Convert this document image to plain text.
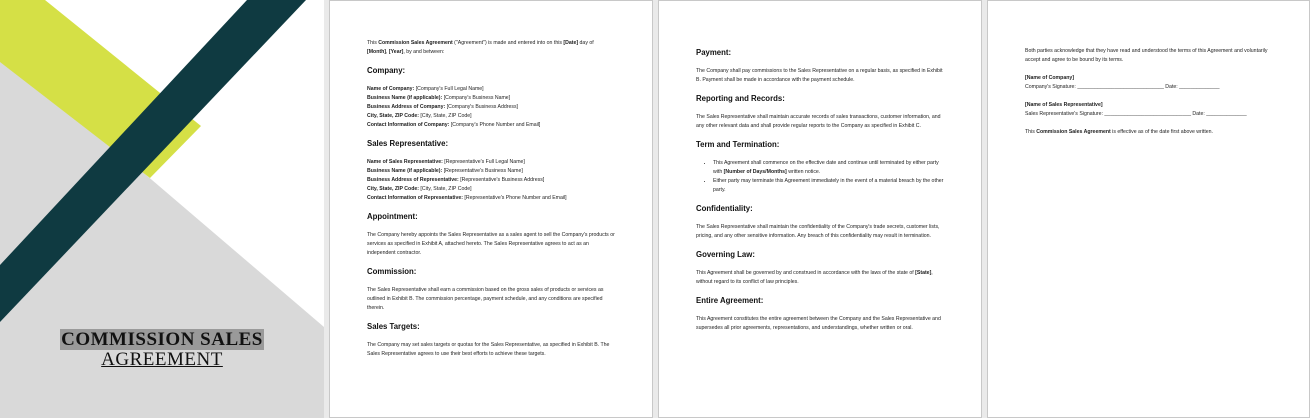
COMMISSION SALES
AGREEMENT

This Commission Sales Agreement ("Agreement") is made and entered into on this [Date] day of [Month], [Year], by and between:

Company:

Name of Company: [Company's Full Legal Name]

Business Name (if applicable): [Company's Business Name]

Business Address of Company: [Company's Business Address]

City, State, ZIP Code: [City, State, ZIP Code]

Contact Information of Company: [Company's Phone Number and Email]

Sales Representative:

Name of Sales Representative: [Representative's Full Legal Name]

Business Name (if applicable): [Representative's Business Name]

Business Address of Representative: [Representative's Business Address]

City, State, ZIP Code: [City, State, ZIP Code]

Contact Information of Representative: [Representative's Phone Number and Email]

Appointment:

The Company hereby appoints the Sales Representative as a sales agent to sell the Company's products or services as specified in Exhibit A, attached hereto. The Sales Representative agrees to act as an independent contractor.

Commission:

The Sales Representative shall earn a commission based on the gross sales of products or services as outlined in Exhibit B. The commission percentage, payment schedule, and any conditions are specified therein.

Sales Targets:

The Company may set sales targets or quotas for the Sales Representative, as specified in Exhibit B. The Sales Representative agrees to use their best efforts to achieve these targets.

Payment:

The Company shall pay commissions to the Sales Representative on a regular basis, as specified in Exhibit B. Payment shall be made in accordance with the payment schedule.

Reporting and Records:

The Sales Representative shall maintain accurate records of sales transactions, customer information, and any other relevant data and shall provide regular reports to the Company as specified in Exhibit C.

Term and Termination:

• This Agreement shall commence on the effective date and continue until terminated by either party with [Number of Days/Months] written notice.
• Either party may terminate this Agreement immediately in the event of a material breach by the other party.

Confidentiality:

The Sales Representative shall maintain the confidentiality of the Company's trade secrets, customer lists, pricing, and any other sensitive information. Any breach of this confidentiality may result in termination.

Governing Law:

This Agreement shall be governed by and construed in accordance with the laws of the state of [State], without regard to its conflict of law principles.

Entire Agreement:

This Agreement constitutes the entire agreement between the Company and the Sales Representative and supersedes all prior agreements, representations, and understandings, whether written or oral.

Both parties acknowledge that they have read and understood the terms of this Agreement and voluntarily accept and agree to be bound by its terms.

[Name of Company]

Company's Signature: ______________________________ Date: ______________

[Name of Sales Representative]

Sales Representative's Signature: ______________________________ Date: ______________

This Commission Sales Agreement is effective as of the date first above written.
